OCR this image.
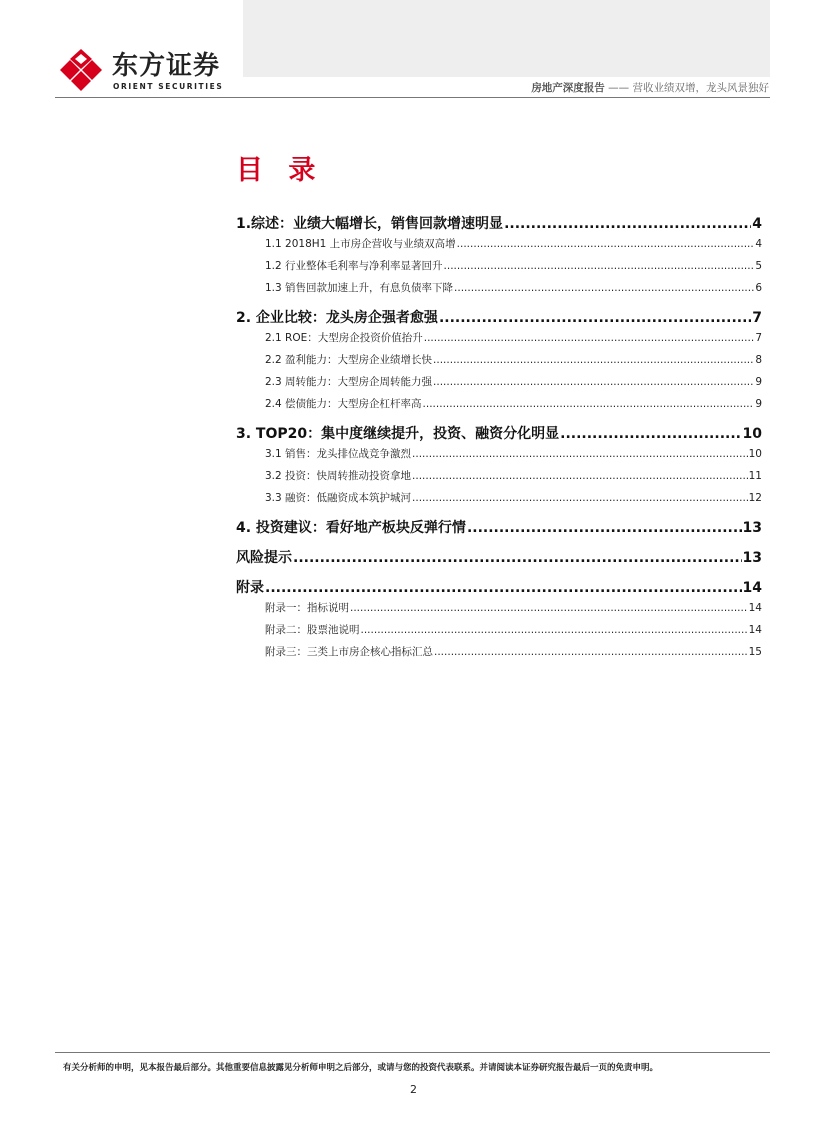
东方证券
ORIENT SECURITIES	房地产深度报告 —— 营收业绩双增，龙头风景独好
目 录
1.综述：业绩大幅增长，销售回款增速明显 .....	4
1.1 2018H1 上市房企营收与业绩双高增 .....	4
1.2 行业整体毛利率与净利率显著回升 .....	5
1.3 销售回款加速上升，有息负债率下降 .....	6
2. 企业比较：龙头房企强者愈强 .....	7
2.1 ROE：大型房企投资价值抬升 .....	7
2.2 盈利能力：大型房企业绩增长快 .....	8
2.3 周转能力：大型房企周转能力强 .....	9
2.4 偿债能力：大型房企杠杆率高 .....	9
3. TOP20：集中度继续提升，投资、融资分化明显 .....	10
3.1 销售：龙头排位战竞争激烈 .....	10
3.2 投资：快周转推动投资拿地 .....	11
3.3 融资：低融资成本筑护城河 .....	12
4. 投资建议：看好地产板块反弹行情 .....	13
风险提示 .....	13
附录 .....	14
附录一：指标说明 .....	14
附录二：股票池说明 .....	14
附录三：三类上市房企核心指标汇总 .....	15
有关分析师的申明，见本报告最后部分。其他重要信息披露见分析师申明之后部分，或请与您的投资代表联系。并请阅读本证券研究报告最后一页的免责申明。
2
